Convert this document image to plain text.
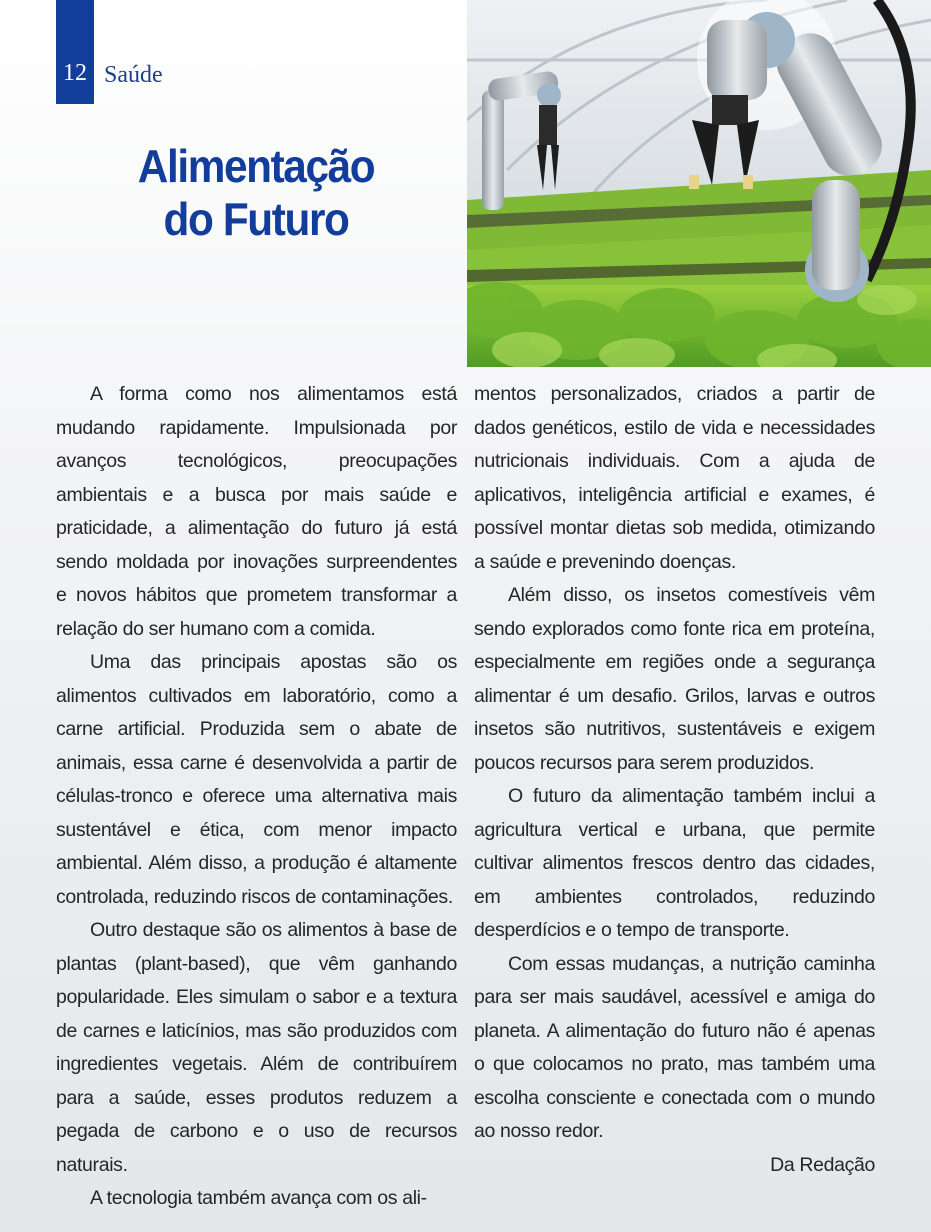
12 Saúde
Alimentação
do Futuro

A forma como nos alimentamos está mudando rapidamente. Impulsionada por avanços tecnológicos, preocupações ambientais e a busca por mais saúde e praticidade, a alimentação do futuro já está sendo moldada por inovações surpreendentes e novos hábitos que prometem transformar a relação do ser humano com a comida.

Uma das principais apostas são os alimentos cultivados em laboratório, como a carne artificial. Produzida sem o abate de animais, essa carne é desenvolvida a partir de células-tronco e oferece uma alternativa mais sustentável e ética, com menor impacto ambiental. Além disso, a produção é altamente controlada, reduzindo riscos de contaminações.

Outro destaque são os alimentos à base de plantas (plant-based), que vêm ganhando popularidade. Eles simulam o sabor e a textura de carnes e laticínios, mas são produzidos com ingredientes vegetais. Além de contribuírem para a saúde, esses produtos reduzem a pegada de carbono e o uso de recursos naturais.

A tecnologia também avança com os ali-

mentos personalizados, criados a partir de dados genéticos, estilo de vida e necessidades nutricionais individuais. Com a ajuda de aplicativos, inteligência artificial e exames, é possível montar dietas sob medida, otimizando a saúde e prevenindo doenças.

Além disso, os insetos comestíveis vêm sendo explorados como fonte rica em proteína, especialmente em regiões onde a segurança alimentar é um desafio. Grilos, larvas e outros insetos são nutritivos, sustentáveis e exigem poucos recursos para serem produzidos.

O futuro da alimentação também inclui a agricultura vertical e urbana, que permite cultivar alimentos frescos dentro das cidades, em ambientes controlados, reduzindo desperdícios e o tempo de transporte.

Com essas mudanças, a nutrição caminha para ser mais saudável, acessível e amiga do planeta. A alimentação do futuro não é apenas o que colocamos no prato, mas também uma escolha consciente e conectada com o mundo ao nosso redor.

Da Redação
